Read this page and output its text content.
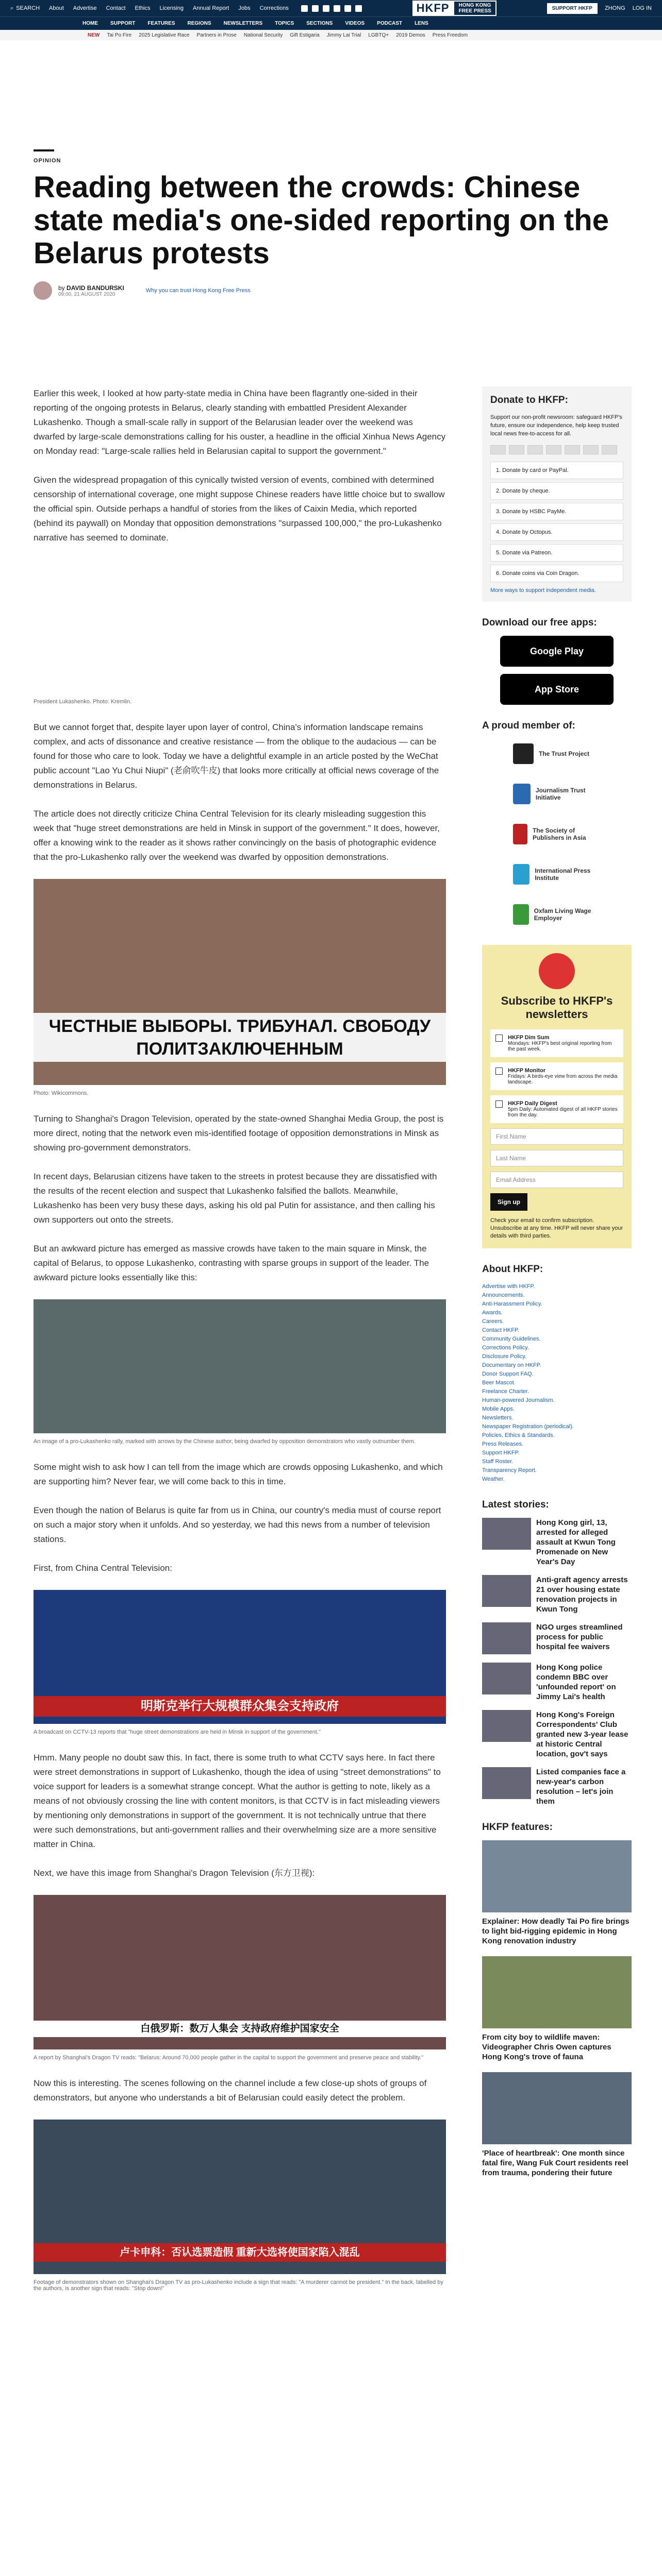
⌕ SEARCH About Advertise Contact Ethics Licensing Annual Report Jobs Corrections	HKFP	HONG KONG
FREE PRESS	SUPPORT HKFP	ZHONG LOG IN
HOME SUPPORT FEATURES REGIONS NEWSLETTERS TOPICS SECTIONS VIDEOS PODCAST LENS
NEW Tai Po Fire 2025 Legislative Race Partners in Prose National Security Gift Estigaria Jimmy Lai Trial LGBTQ+ 2019 Demos Press Freedom
OPINION
Reading between the crowds: Chinese state media's one-sided reporting on the Belarus protests
by DAVID BANDURSKI
09:00, 21 AUGUST 2020
Why you can trust Hong Kong Free Press

Earlier this week, I looked at how party-state media in China have been flagrantly one-sided in their reporting of the ongoing protests in Belarus, clearly standing with embattled President Alexander Lukashenko. Though a small-scale rally in support of the Belarusian leader over the weekend was dwarfed by large-scale demonstrations calling for his ouster, a headline in the official Xinhua News Agency on Monday read: "Large-scale rallies held in Belarusian capital to support the government."

Given the widespread propagation of this cynically twisted version of events, combined with determined censorship of international coverage, one might suppose Chinese readers have little choice but to swallow the official spin. Outside perhaps a handful of stories from the likes of Caixin Media, which reported (behind its paywall) on Monday that opposition demonstrations "surpassed 100,000," the pro-Lukashenko narrative has seemed to dominate.

President Lukashenko. Photo: Kremlin.

But we cannot forget that, despite layer upon layer of control, China's information landscape remains complex, and acts of dissonance and creative resistance — from the oblique to the audacious — can be found for those who care to look. Today we have a delightful example in an article posted by the WeChat public account "Lao Yu Chui Niupi" (老俞吹牛皮) that looks more critically at official news coverage of the demonstrations in Belarus.

The article does not directly criticize China Central Television for its clearly misleading suggestion this week that "huge street demonstrations are held in Minsk in support of the government." It does, however, offer a knowing wink to the reader as it shows rather convincingly on the basis of photographic evidence that the pro-Lukashenko rally over the weekend was dwarfed by opposition demonstrations.

ЧЕСТНЫЕ ВЫБОРЫ. ТРИБУНАЛ. СВОБОДУ ПОЛИТЗАКЛЮЧЕННЫМ
Photo: Wikicommons.

Turning to Shanghai's Dragon Television, operated by the state-owned Shanghai Media Group, the post is more direct, noting that the network even mis-identified footage of opposition demonstrations in Minsk as showing pro-government demonstrators.

In recent days, Belarusian citizens have taken to the streets in protest because they are dissatisfied with the results of the recent election and suspect that Lukashenko falsified the ballots. Meanwhile, Lukashenko has been very busy these days, asking his old pal Putin for assistance, and then calling his own supporters out onto the streets.

But an awkward picture has emerged as massive crowds have taken to the main square in Minsk, the capital of Belarus, to oppose Lukashenko, contrasting with sparse groups in support of the leader. The awkward picture looks essentially like this:

An image of a pro-Lukashenko rally, marked with arrows by the Chinese author, being dwarfed by opposition demonstrators who vastly outnumber them.

Some might wish to ask how I can tell from the image which are crowds opposing Lukashenko, and which are supporting him? Never fear, we will come back to this in time.

Even though the nation of Belarus is quite far from us in China, our country's media must of course report on such a major story when it unfolds. And so yesterday, we had this news from a number of television stations.

First, from China Central Television:

明斯克举行大规模群众集会支持政府
A broadcast on CCTV-13 reports that "huge street demonstrations are held in Minsk in support of the government."

Hmm. Many people no doubt saw this. In fact, there is some truth to what CCTV says here. In fact there were street demonstrations in support of Lukashenko, though the idea of using "street demonstrations" to voice support for leaders is a somewhat strange concept. What the author is getting to note, likely as a means of not obviously crossing the line with content monitors, is that CCTV is in fact misleading viewers by mentioning only demonstrations in support of the government. It is not technically untrue that there were such demonstrations, but anti-government rallies and their overwhelming size are a more sensitive matter in China.

Next, we have this image from Shanghai's Dragon Television (东方卫视):

白俄罗斯：数万人集会 支持政府维护国家安全
A report by Shanghai's Dragon TV reads: "Belarus: Around 70,000 people gather in the capital to support the government and preserve peace and stability."

Now this is interesting. The scenes following on the channel include a few close-up shots of groups of demonstrators, but anyone who understands a bit of Belarusian could easily detect the problem.

卢卡申科：否认选票造假 重新大选将使国家陷入混乱
Footage of demonstrators shown on Shanghai's Dragon TV as pro-Lukashenko include a sign that reads: "A murderer cannot be president." In the back, labelled by the authors, is another sign that reads: "Stop down!"
Donate to HKFP:

Support our non-profit newsroom: safeguard HKFP's future, ensure our independence, help keep trusted local news free-to-access for all.

1. Donate by card or PayPal.
2. Donate by cheque.
3. Donate by HSBC PayMe.
4. Donate by Octopus.
5. Donate via Patreon.
6. Donate coins via Coin Dragon.
More ways to support independent media.
Download our free apps:
Google Play
App Store
A proud member of:
The Trust Project
Journalism Trust Initiative
The Society of Publishers in Asia
International Press Institute
Oxfam Living Wage Employer
Subscribe to HKFP's newsletters
HKFP Dim Sum
Mondays: HKFP's best original reporting from the past week.
HKFP Monitor
Fridays: A birds-eye view from across the media landscape.
HKFP Daily Digest
5pm Daily: Automated digest of all HKFP stories from the day.
First Name
Last Name
Email Address
Sign up
Check your email to confirm subscription. Unsubscribe at any time. HKFP will never share your details with third parties.
About HKFP:
Advertise with HKFP.
Announcements.
Anti-Harassment Policy.
Awards.
Careers.
Contact HKFP.
Community Guidelines.
Corrections Policy.
Disclosure Policy.
Documentary on HKFP.
Donor Support FAQ.
Beer Mascot.
Freelance Charter.
Human-powered Journalism.
Mobile Apps.
Newsletters.
Newspaper Registration (periodical).
Policies, Ethics & Standards.
Press Releases.
Support HKFP.
Staff Roster.
Transparency Report.
Weather.
Latest stories:
Hong Kong girl, 13, arrested for alleged assault at Kwun Tong Promenade on New Year's Day
Anti-graft agency arrests 21 over housing estate renovation projects in Kwun Tong
NGO urges streamlined process for public hospital fee waivers
Hong Kong police condemn BBC over 'unfounded report' on Jimmy Lai's health
Hong Kong's Foreign Correspondents' Club granted new 3-year lease at historic Central location, gov't says
Listed companies face a new-year's carbon resolution – let's join them
HKFP features:
Explainer: How deadly Tai Po fire brings to light bid-rigging epidemic in Hong Kong renovation industry
From city boy to wildlife maven: Videographer Chris Owen captures Hong Kong's trove of fauna
'Place of heartbreak': One month since fatal fire, Wang Fuk Court residents reel from trauma, pondering their future
